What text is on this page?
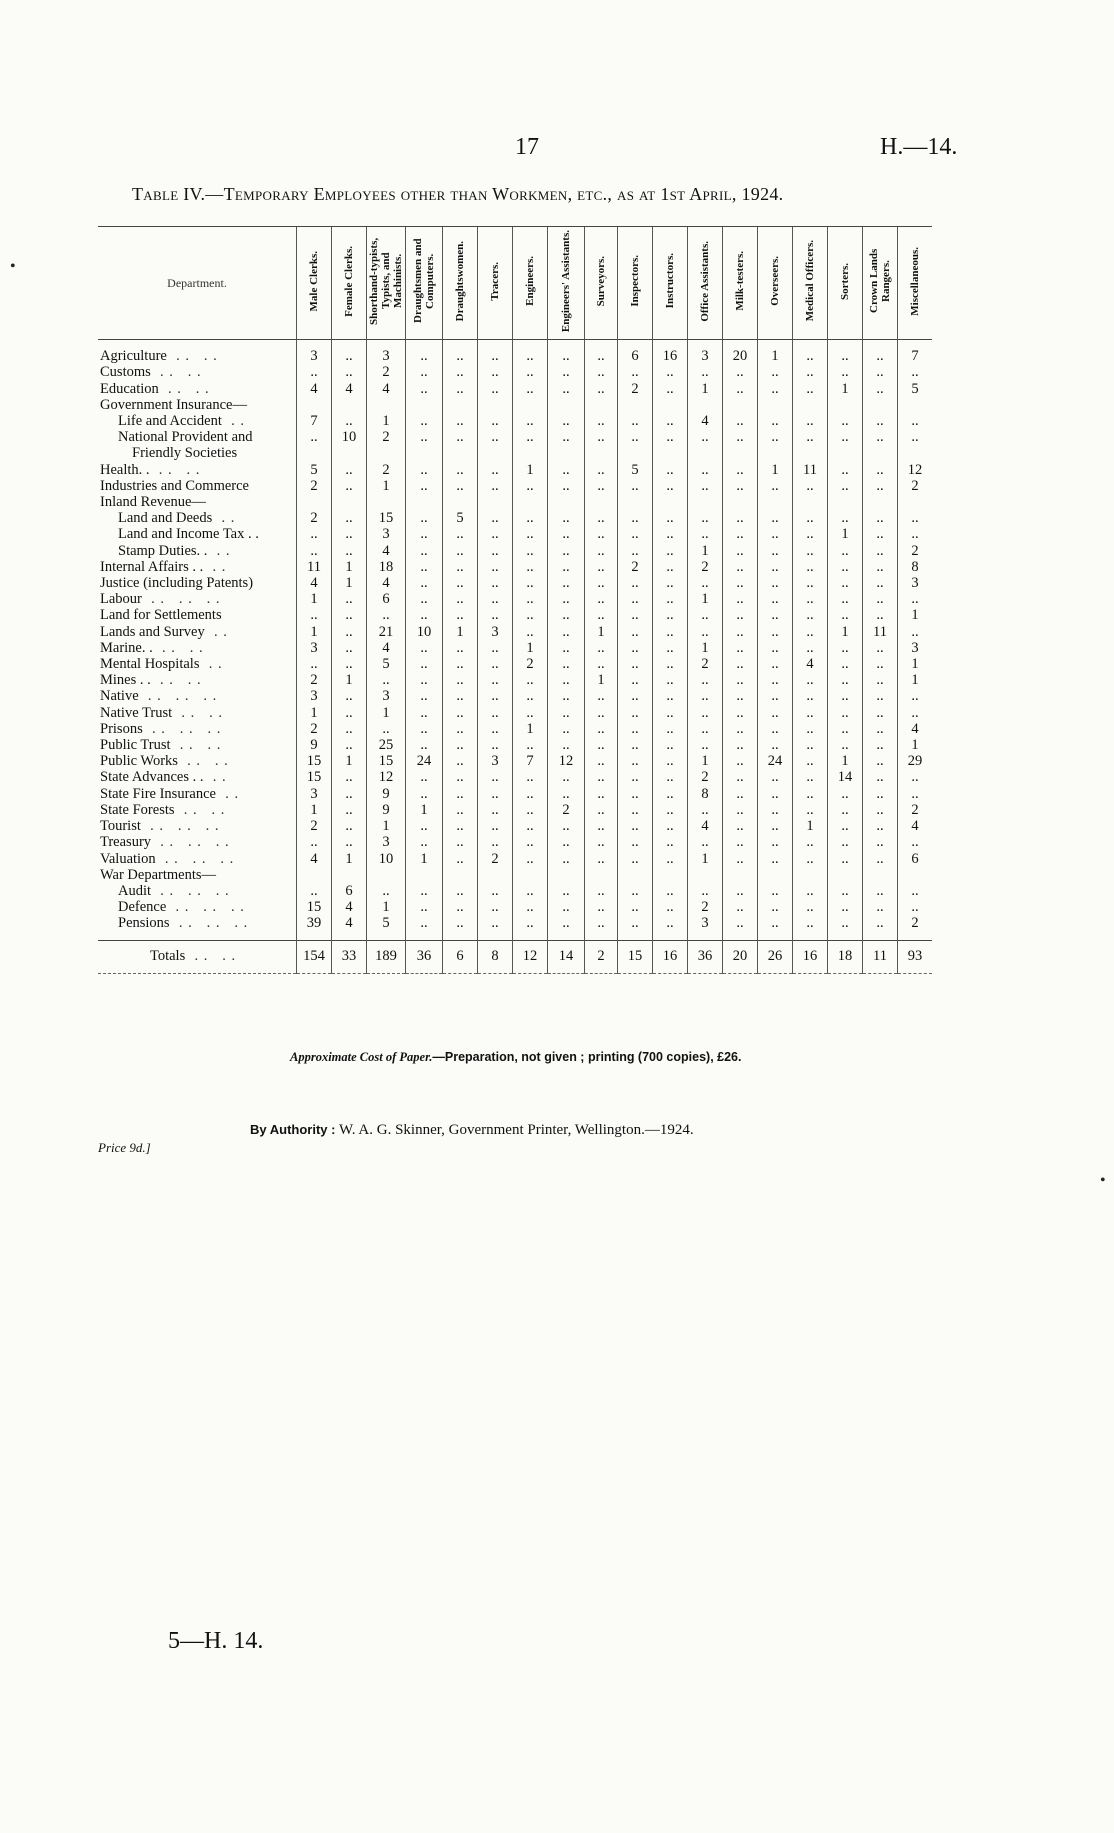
17	H.—14.
Table IV.—Temporary Employees other than Workmen, etc., as at 1st April, 1924.
Department.	Male Clerks.	Female Clerks.	Shorthand-typists, Typists, and Machinists.	Draughtsmen and Computers.	Draughtswomen.	Tracers.	Engineers.	Engineers' Assistants.	Surveyors.	Inspectors.	Instructors.	Office Assistants.	Milk-testers.	Overseers.	Medical Officers.	Sorters.	Crown Lands Rangers.	Miscellaneous.

Agriculture  . .   . .	3	..	3	..	..	..	..	..	..	6	16	3	20	1	..	..	..	7
Customs  . .   . .	..	..	2	..	..	..	..	..	..	..	..	..	..	..	..	..	..	..
Education  . .   . .	4	4	4	..	..	..	..	..	..	2	..	1	..	..	..	1	..	5
Government Insurance—																		
Life and Accident  . .	7	..	1	..	..	..	..	..	..	..	..	4	..	..	..	..	..	..
National Provident and	..	10	2	..	..	..	..	..	..	..	..	..	..	..	..	..	..	..
Friendly Societies																		
Health. .  . .   . .	5	..	2	..	..	..	1	..	..	5	..	..	..	1	11	..	..	12
Industries and Commerce	2	..	1	..	..	..	..	..	..	..	..	..	..	..	..	..	..	2
Inland Revenue—																		
Land and Deeds  . .	2	..	15	..	5	..	..	..	..	..	..	..	..	..	..	..	..	..
Land and Income Tax . .	..	..	3	..	..	..	..	..	..	..	..	..	..	..	..	1	..	..
Stamp Duties. .  . .	..	..	4	..	..	..	..	..	..	..	..	1	..	..	..	..	..	2
Internal Affairs . .  . .	11	1	18	..	..	..	..	..	..	2	..	2	..	..	..	..	..	8
Justice (including Patents)	4	1	4	..	..	..	..	..	..	..	..	..	..	..	..	..	..	3
Labour  . .   . .   . .	1	..	6	..	..	..	..	..	..	..	..	1	..	..	..	..	..	..
Land for Settlements	..	..	..	..	..	..	..	..	..	..	..	..	..	..	..	..	..	1
Lands and Survey  . .	1	..	21	10	1	3	..	..	1	..	..	..	..	..	..	1	11	..
Marine. .  . .   . .	3	..	4	..	..	..	1	..	..	..	..	1	..	..	..	..	..	3
Mental Hospitals  . .	..	..	5	..	..	..	2	..	..	..	..	2	..	..	4	..	..	1
Mines . .  . .   . .	2	1	..	..	..	..	..	..	1	..	..	..	..	..	..	..	..	1
Native  . .   . .   . .	3	..	3	..	..	..	..	..	..	..	..	..	..	..	..	..	..	..
Native Trust  . .   . .	1	..	1	..	..	..	..	..	..	..	..	..	..	..	..	..	..	..
Prisons  . .   . .   . .	2	..	..	..	..	..	1	..	..	..	..	..	..	..	..	..	..	4
Public Trust  . .   . .	9	..	25	..	..	..	..	..	..	..	..	..	..	..	..	..	..	1
Public Works  . .   . .	15	1	15	24	..	3	7	12	..	..	..	1	..	24	..	1	..	29
State Advances . .  . .	15	..	12	..	..	..	..	..	..	..	..	2	..	..	..	14	..	..
State Fire Insurance  . .	3	..	9	..	..	..	..	..	..	..	..	8	..	..	..	..	..	..
State Forests  . .   . .	1	..	9	1	..	..	..	2	..	..	..	..	..	..	..	..	..	2
Tourist  . .   . .   . .	2	..	1	..	..	..	..	..	..	..	..	4	..	..	1	..	..	4
Treasury  . .   . .   . .	..	..	3	..	..	..	..	..	..	..	..	..	..	..	..	..	..	..
Valuation  . .   . .   . .	4	1	10	1	..	2	..	..	..	..	..	1	..	..	..	..	..	6
War Departments—																		
Audit  . .   . .   . .	..	6	..	..	..	..	..	..	..	..	..	..	..	..	..	..	..	..
Defence  . .   . .   . .	15	4	1	..	..	..	..	..	..	..	..	2	..	..	..	..	..	..
Pensions  . .   . .   . .	39	4	5	..	..	..	..	..	..	..	..	3	..	..	..	..	..	2

Totals  . .   . .	154	33	189	36	6	8	12	14	2	15	16	36	20	26	16	18	11	93
Approximate Cost of Paper.—Preparation, not given ; printing (700 copies), £26.
By Authority : W. A. G. Skinner, Government Printer, Wellington.—1924.
Price 9d.]
5—H. 14.
•
•
